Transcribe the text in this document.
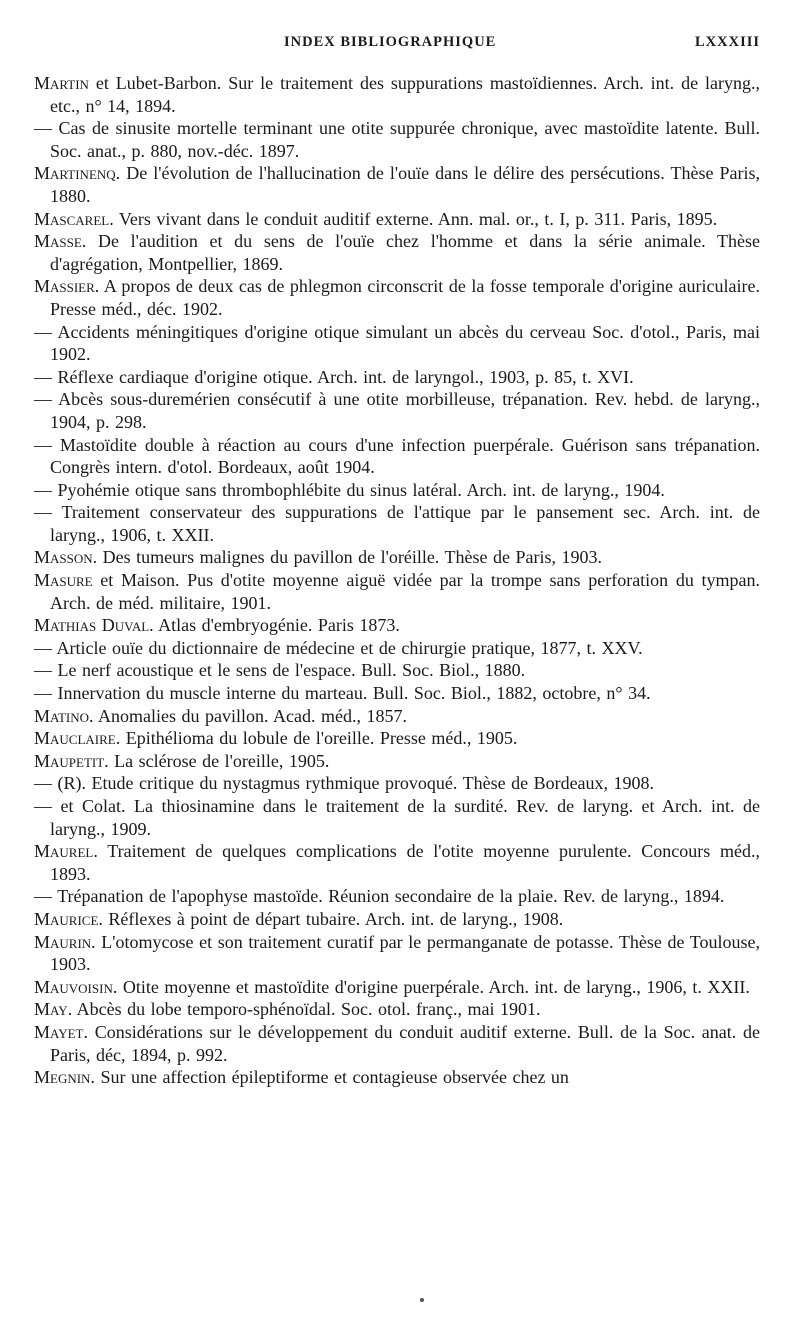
INDEX BIBLIOGRAPHIQUE	LXXXIII

Martin et Lubet-Barbon. Sur le traitement des suppurations mastoïdiennes. Arch. int. de laryng., etc., n° 14, 1894.

— Cas de sinusite mortelle terminant une otite suppurée chronique, avec mastoïdite latente. Bull. Soc. anat., p. 880, nov.-déc. 1897.

Martinenq. De l'évolution de l'hallucination de l'ouïe dans le délire des persécutions. Thèse Paris, 1880.

Mascarel. Vers vivant dans le conduit auditif externe. Ann. mal. or., t. I, p. 311. Paris, 1895.

Masse. De l'audition et du sens de l'ouïe chez l'homme et dans la série animale. Thèse d'agrégation, Montpellier, 1869.

Massier. A propos de deux cas de phlegmon circonscrit de la fosse temporale d'origine auriculaire. Presse méd., déc. 1902.

— Accidents méningitiques d'origine otique simulant un abcès du cerveau Soc. d'otol., Paris, mai 1902.

— Réflexe cardiaque d'origine otique. Arch. int. de laryngol., 1903, p. 85, t. XVI.

— Abcès sous-duremérien consécutif à une otite morbilleuse, trépanation. Rev. hebd. de laryng., 1904, p. 298.

— Mastoïdite double à réaction au cours d'une infection puerpérale. Guérison sans trépanation. Congrès intern. d'otol. Bordeaux, août 1904.

— Pyohémie otique sans thrombophlébite du sinus latéral. Arch. int. de laryng., 1904.

— Traitement conservateur des suppurations de l'attique par le pansement sec. Arch. int. de laryng., 1906, t. XXII.

Masson. Des tumeurs malignes du pavillon de l'oréille. Thèse de Paris, 1903.

Masure et Maison. Pus d'otite moyenne aiguë vidée par la trompe sans perforation du tympan. Arch. de méd. militaire, 1901.

Mathias Duval. Atlas d'embryogénie. Paris 1873.

— Article ouïe du dictionnaire de médecine et de chirurgie pratique, 1877, t. XXV.

— Le nerf acoustique et le sens de l'espace. Bull. Soc. Biol., 1880.

— Innervation du muscle interne du marteau. Bull. Soc. Biol., 1882, octobre, n° 34.

Matino. Anomalies du pavillon. Acad. méd., 1857.

Mauclaire. Epithélioma du lobule de l'oreille. Presse méd., 1905.

Maupetit. La sclérose de l'oreille, 1905.

— (R). Etude critique du nystagmus rythmique provoqué. Thèse de Bordeaux, 1908.

— et Colat. La thiosinamine dans le traitement de la surdité. Rev. de laryng. et Arch. int. de laryng., 1909.

Maurel. Traitement de quelques complications de l'otite moyenne purulente. Concours méd., 1893.

— Trépanation de l'apophyse mastoïde. Réunion secondaire de la plaie. Rev. de laryng., 1894.

Maurice. Réflexes à point de départ tubaire. Arch. int. de laryng., 1908.

Maurin. L'otomycose et son traitement curatif par le permanganate de potasse. Thèse de Toulouse, 1903.

Mauvoisin. Otite moyenne et mastoïdite d'origine puerpérale. Arch. int. de laryng., 1906, t. XXII.

May. Abcès du lobe temporo-sphénoïdal. Soc. otol. franç., mai 1901.

Mayet. Considérations sur le développement du conduit auditif externe. Bull. de la Soc. anat. de Paris, déc, 1894, p. 992.

Megnin. Sur une affection épileptiforme et contagieuse observée chez un
